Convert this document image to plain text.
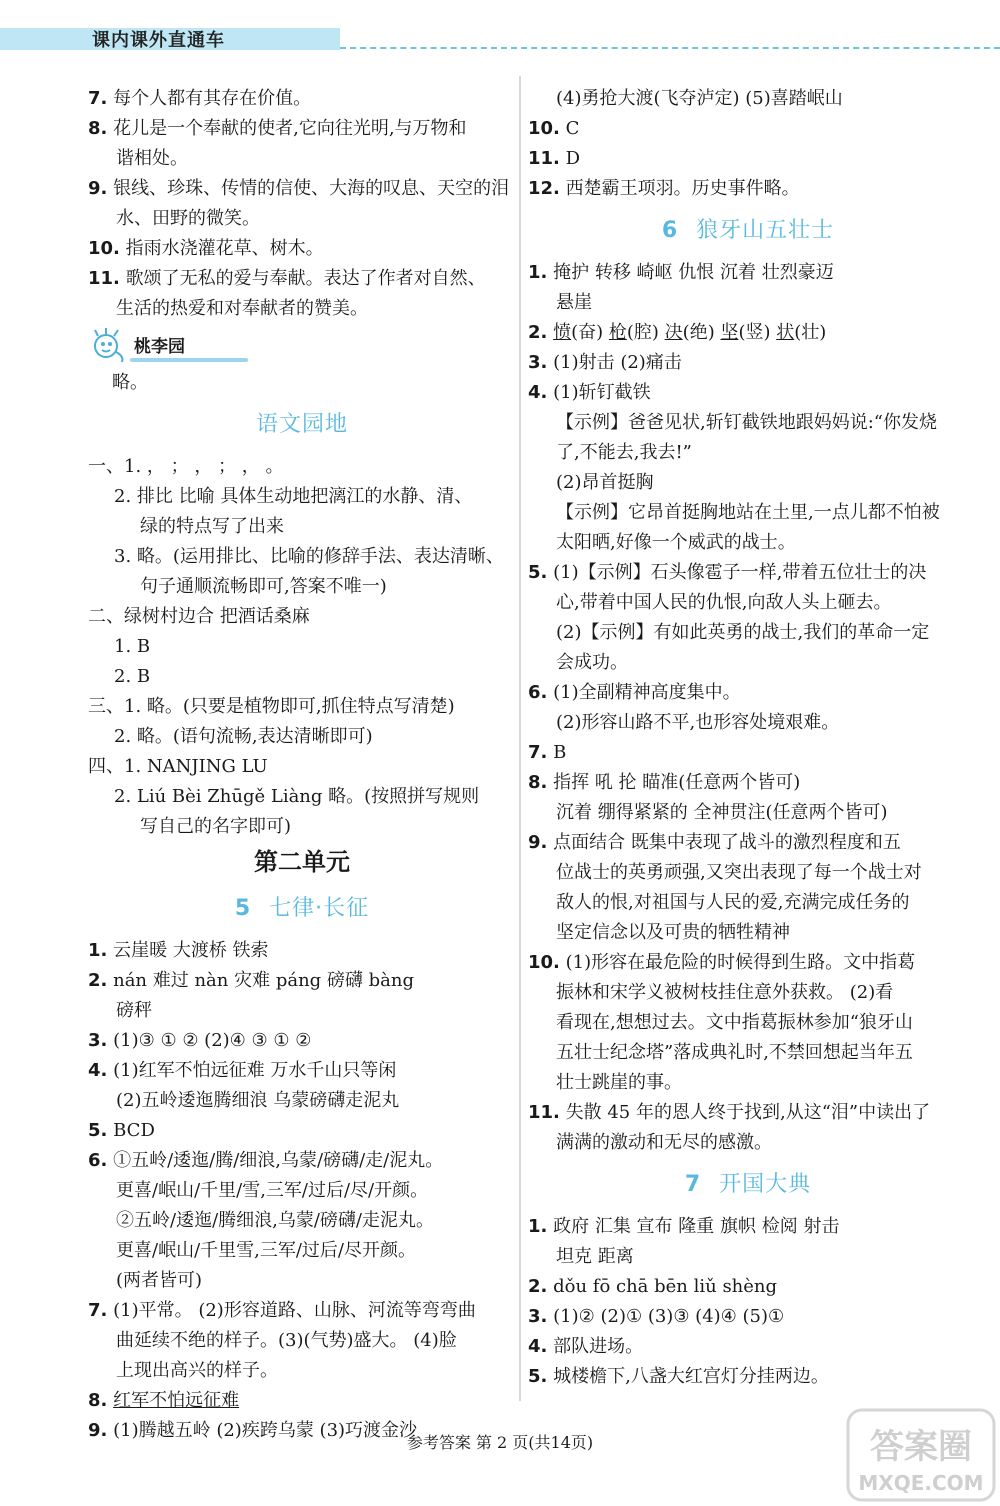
课内课外直通车
7. 每个人都有其存在价值。
8. 花儿是一个奉献的使者,它向往光明,与万物和
谐相处。
9. 银线、珍珠、传情的信使、大海的叹息、天空的泪
水、田野的微笑。
10. 指雨水浇灌花草、树木。
11. 歌颂了无私的爱与奉献。表达了作者对自然、
生活的热爱和对奉献者的赞美。
桃李园
略。
语文园地
一、1. ， ； ， ； ， 。
2. 排比 比喻 具体生动地把漓江的水静、清、
绿的特点写了出来
3. 略。(运用排比、比喻的修辞手法、表达清晰、
句子通顺流畅即可,答案不唯一)
二、绿树村边合 把酒话桑麻
1. B
2. B
三、1. 略。(只要是植物即可,抓住特点写清楚)
2. 略。(语句流畅,表达清晰即可)
四、1. NANJING LU
2. Liú Bèi Zhūgě Liàng 略。(按照拼写规则
写自己的名字即可)
第二单元
5 七律·长征
1. 云崖暖 大渡桥 铁索
2. nán 难过 nàn 灾难 páng 磅礴 bàng
磅秤
3. (1)③ ① ② (2)④ ③ ① ②
4. (1)红军不怕远征难 万水千山只等闲
(2)五岭逶迤腾细浪 乌蒙磅礴走泥丸
5. BCD
6. ①五岭/逶迤/腾/细浪,乌蒙/磅礴/走/泥丸。
更喜/岷山/千里/雪,三军/过后/尽/开颜。
②五岭/逶迤/腾细浪,乌蒙/磅礴/走泥丸。
更喜/岷山/千里雪,三军/过后/尽开颜。
(两者皆可)
7. (1)平常。 (2)形容道路、山脉、河流等弯弯曲
曲延续不绝的样子。(3)(气势)盛大。 (4)脸
上现出高兴的样子。
8. 红军不怕远征难
9. (1)腾越五岭 (2)疾跨乌蒙 (3)巧渡金沙
(4)勇抢大渡(飞夺泸定) (5)喜踏岷山
10. C
11. D
12. 西楚霸王项羽。历史事件略。
6 狼牙山五壮士
1. 掩护 转移 崎岖 仇恨 沉着 壮烈豪迈
悬崖
2. 愤(奋) 枪(腔) 决(绝) 坚(竖) 状(壮)
3. (1)射击 (2)痛击
4. (1)斩钉截铁
【示例】爸爸见状,斩钉截铁地跟妈妈说:“你发烧
了,不能去,我去!”
(2)昂首挺胸
【示例】它昂首挺胸地站在土里,一点儿都不怕被
太阳晒,好像一个威武的战士。
5. (1)【示例】石头像雹子一样,带着五位壮士的决
心,带着中国人民的仇恨,向敌人头上砸去。
(2)【示例】有如此英勇的战士,我们的革命一定
会成功。
6. (1)全副精神高度集中。
(2)形容山路不平,也形容处境艰难。
7. B
8. 指挥 吼 抡 瞄准(任意两个皆可)
沉着 绷得紧紧的 全神贯注(任意两个皆可)
9. 点面结合 既集中表现了战斗的激烈程度和五
位战士的英勇顽强,又突出表现了每一个战士对
敌人的恨,对祖国与人民的爱,充满完成任务的
坚定信念以及可贵的牺牲精神
10. (1)形容在最危险的时候得到生路。文中指葛
振林和宋学义被树枝挂住意外获救。 (2)看
看现在,想想过去。文中指葛振林参加“狼牙山
五壮士纪念塔”落成典礼时,不禁回想起当年五
壮士跳崖的事。
11. 失散 45 年的恩人终于找到,从这“泪”中读出了
满满的激动和无尽的感激。
7 开国大典
1. 政府 汇集 宣布 隆重 旗帜 检阅 射击
坦克 距离
2. dǒu fō chā bēn liǔ shèng
3. (1)② (2)① (3)③ (4)④ (5)①
4. 部队进场。
5. 城楼檐下,八盏大红宫灯分挂两边。
参考答案 第 2 页(共14页)	答案圈
MXQE.COM
